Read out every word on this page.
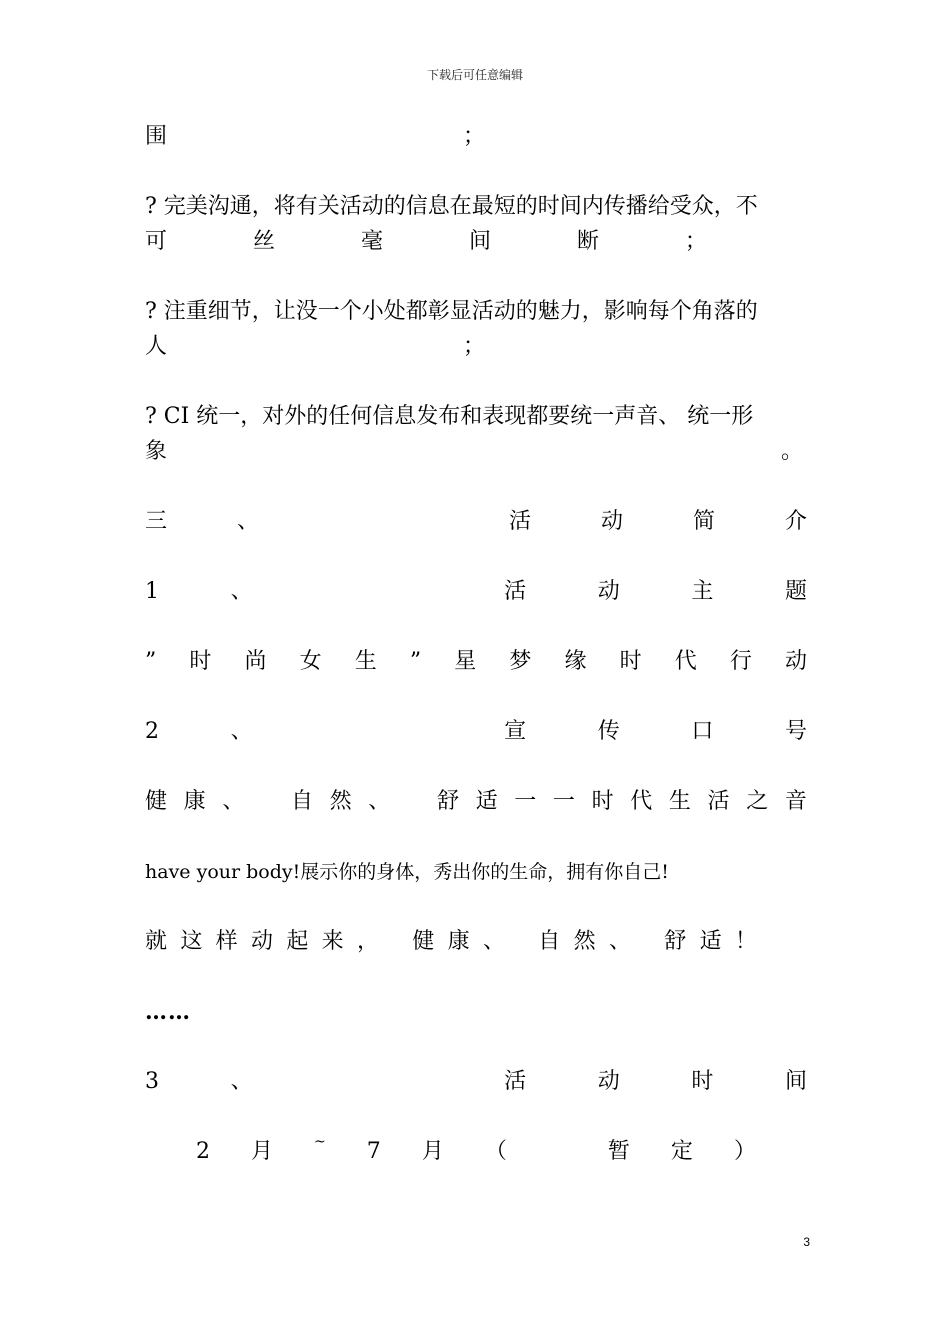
下载后可任意编辑
围	；
? 完美沟通，将有关活动的信息在最短的时间内传播给受众，不
可	丝	毫	间	断	；
? 注重细节，让没一个小处都彰显活动的魅力，影响每个角落的
人	；
? CI 统一，对外的任何信息发布和表现都要统一声音、 统一形
象	。
三	、	活	动	简	介
1	、	活	动	主	题
” 时 尚 女 生 ” 星 梦 缘 时 代 行 动
2	、	宣	传	口	号
健 康 、 自 然 、 舒 适 一 一 时 代 生 活 之 音
have your body!展示你的身体，秀出你的生命，拥有你自己!
就 这 样 动 起 来 ， 健 康 、 自 然 、 舒 适 ！
……
3	、	活	动	时	间
2 月	~ 7 月 （	暂 定 ）
3
